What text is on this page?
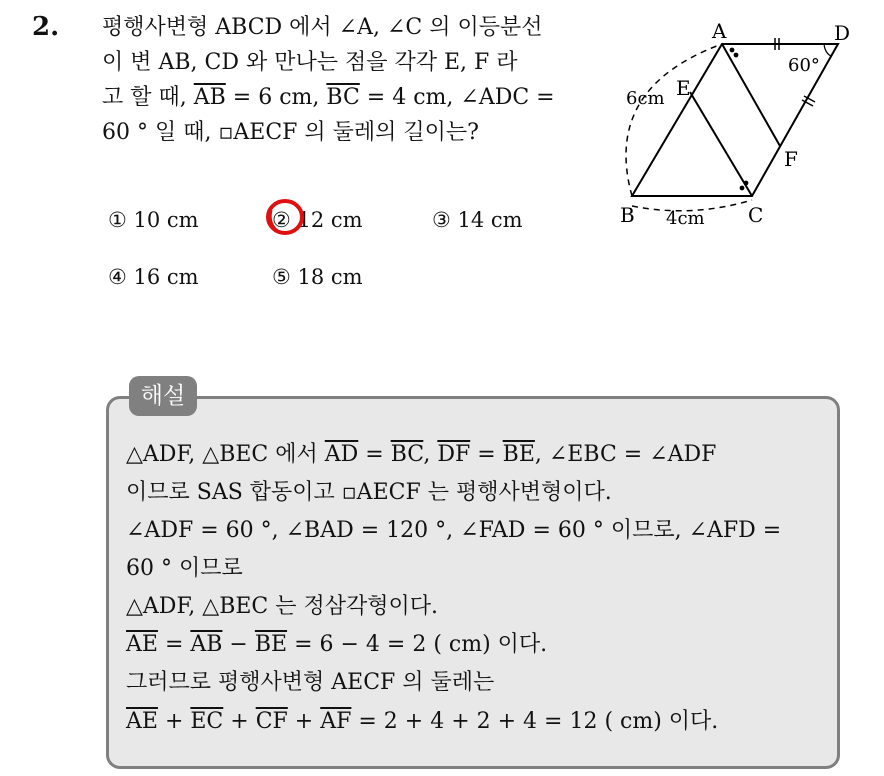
2. 평행사변형 ABCD 에서 ∠A, ∠C 의 이등분선
이 변 AB, CD 와 만나는 점을 각각 E, F 라
고 할 때, $\overline{AB} = 6$ cm, $\overline{BC} = 4$ cm, ∠ADC =
60 ° 일 때, ▫AECF 의 둘레의 길이는?
① 10 cm	② 12 cm	③ 14 cm
④ 16 cm	⑤ 18 cm
A	D
B	C
E
F
60°
6cm
4cm
해설
△ADF, △BEC 에서 $\overline{AD} = \overline{BC}$, $\overline{DF} = \overline{BE}$, ∠EBC = ∠ADF
이므로 SAS 합동이고 ▫AECF 는 평행사변형이다.
∠ADF = 60 °, ∠BAD = 120 °, ∠FAD = 60 ° 이므로, ∠AFD =
60 ° 이므로
△ADF, △BEC 는 정삼각형이다.
$\overline{AE} = \overline{AB} - \overline{BE} = 6 - 4 = 2$ ( cm) 이다.
그러므로 평행사변형 AECF 의 둘레는
$\overline{AE} + \overline{EC} + \overline{CF} + \overline{AF} = 2 + 4 + 2 + 4 = 12$ ( cm) 이다.
